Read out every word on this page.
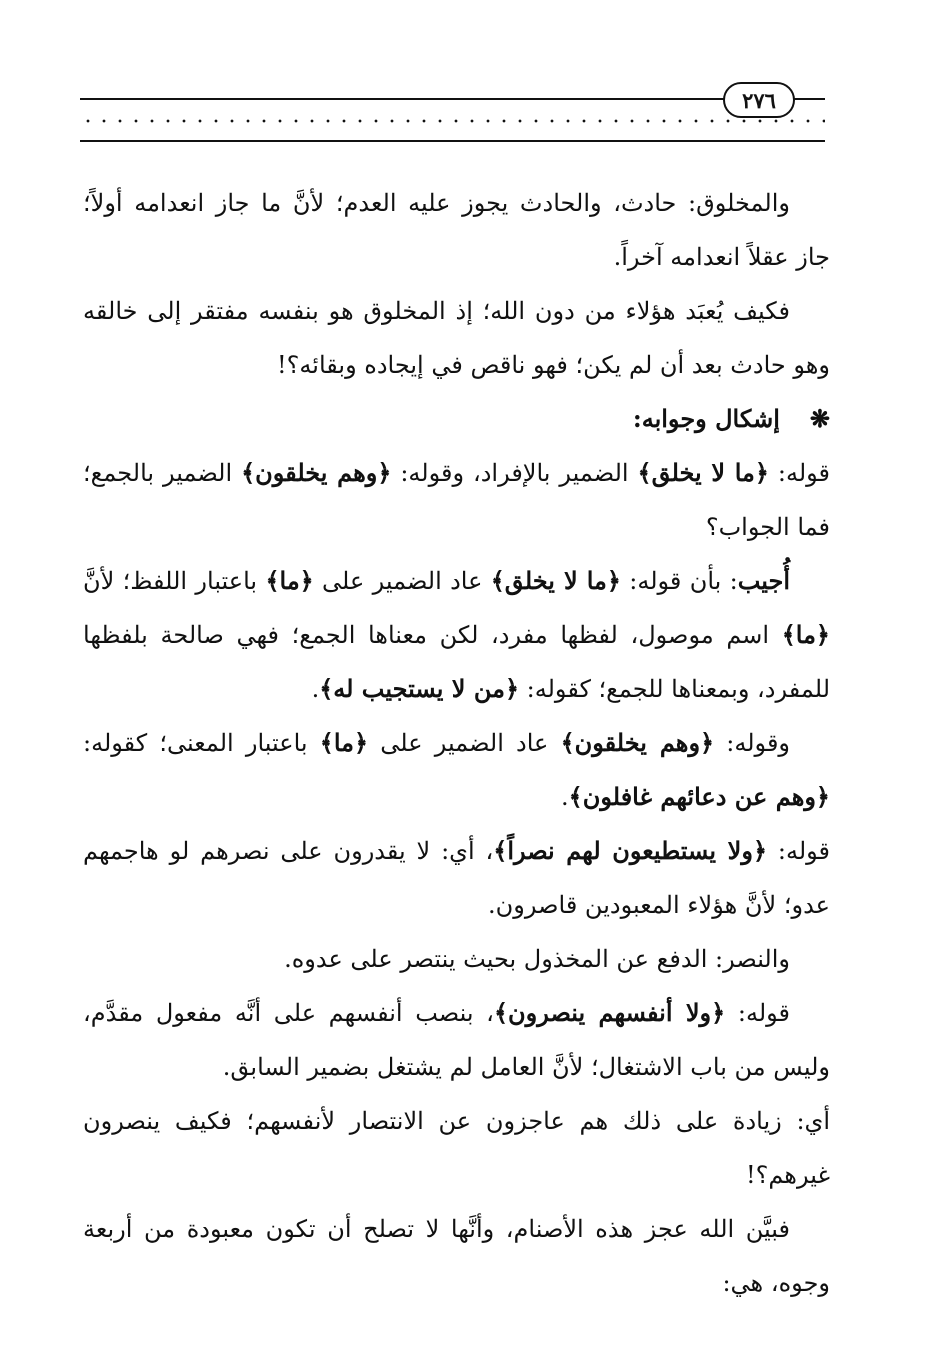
٢٧٦

والمخلوق: حادث، والحادث يجوز عليه العدم؛ لأنَّ ما جاز انعدامه أولاً؛ جاز عقلاً انعدامه آخراً.

فكيف يُعبَد هؤلاء من دون الله؛ إذ المخلوق هو بنفسه مفتقر إلى خالقه وهو حادث بعد أن لم يكن؛ فهو ناقص في إيجاده وبقائه؟!

❋إشكال وجوابه:

قوله: ﴿ما لا يخلق﴾ الضمير بالإفراد، وقوله: ﴿وهم يخلقون﴾ الضمير بالجمع؛ فما الجواب؟

أُجيب: بأن قوله: ﴿ما لا يخلق﴾ عاد الضمير على ﴿ما﴾ باعتبار اللفظ؛ لأنَّ ﴿ما﴾ اسم موصول، لفظها مفرد، لكن معناها الجمع؛ فهي صالحة بلفظها للمفرد، وبمعناها للجمع؛ كقوله: ﴿من لا يستجيب له﴾.

وقوله: ﴿وهم يخلقون﴾ عاد الضمير على ﴿ما﴾ باعتبار المعنى؛ كقوله: ﴿وهم عن دعائهم غافلون﴾.

قوله: ﴿ولا يستطيعون لهم نصراً﴾، أي: لا يقدرون على نصرهم لو هاجمهم عدو؛ لأنَّ هؤلاء المعبودين قاصرون.

والنصر: الدفع عن المخذول بحيث ينتصر على عدوه.

قوله: ﴿ولا أنفسهم ينصرون﴾، بنصب أنفسهم على أنَّه مفعول مقدَّم، وليس من باب الاشتغال؛ لأنَّ العامل لم يشتغل بضمير السابق.

أي: زيادة على ذلك هم عاجزون عن الانتصار لأنفسهم؛ فكيف ينصرون غيرهم؟!

فبيَّن الله عجز هذه الأصنام، وأنَّها لا تصلح أن تكون معبودة من أربعة وجوه، هي:
